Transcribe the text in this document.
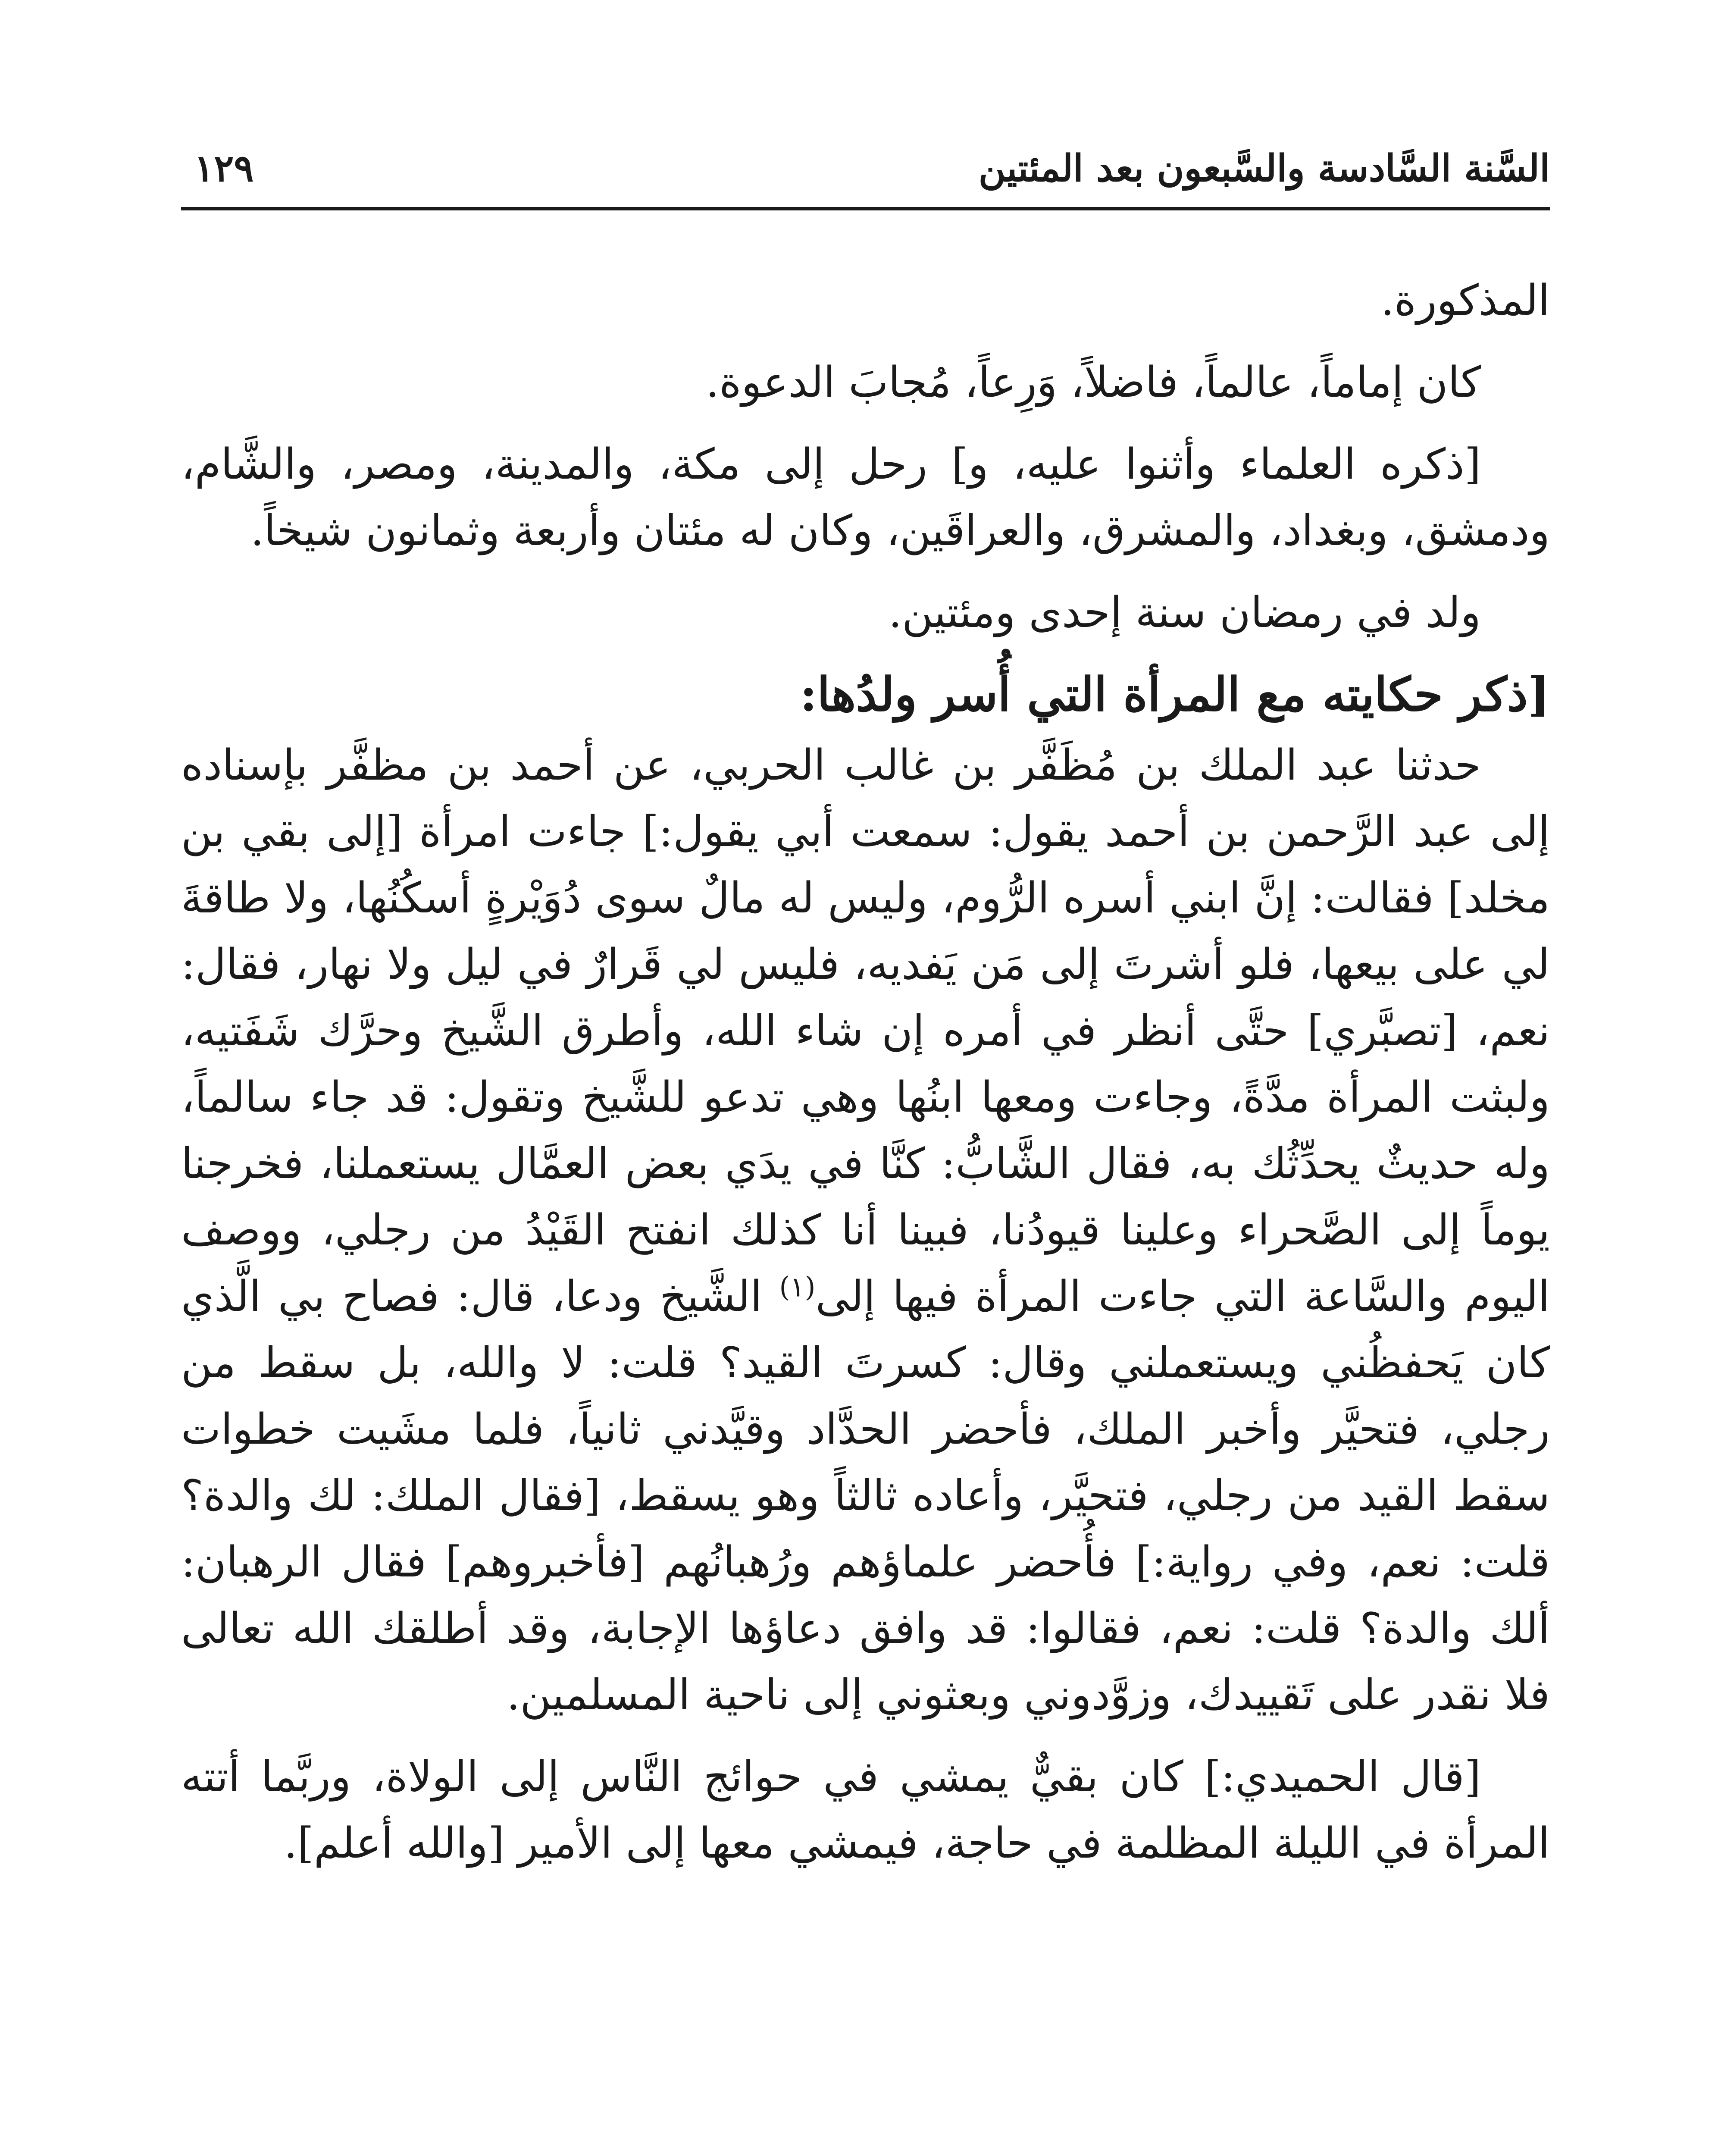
السَّنة السَّادسة والسَّبعون بعد المئتين
١٢٩

المذكورة.

كان إماماً، عالماً، فاضلاً، وَرِعاً، مُجابَ الدعوة.

[ذكره العلماء وأثنوا عليه، و] رحل إلى مكة، والمدينة، ومصر، والشَّام، ودمشق، وبغداد، والمشرق، والعراقَين، وكان له مئتان وأربعة وثمانون شيخاً.

ولد في رمضان سنة إحدى ومئتين.

[ذكر حكايته مع المرأة التي أُسر ولدُها:

حدثنا عبد الملك بن مُظَفَّر بن غالب الحربي، عن أحمد بن مظفَّر بإسناده إلى عبد الرَّحمن بن أحمد يقول: سمعت أبي يقول:] جاءت امرأة [إلى بقي بن مخلد] فقالت: إنَّ ابني أسره الرُّوم، وليس له مالٌ سوى دُوَيْرةٍ أسكُنُها، ولا طاقةَ لي على بيعها، فلو أشرتَ إلى مَن يَفديه، فليس لي قَرارٌ في ليل ولا نهار، فقال: نعم، [تصبَّري] حتَّى أنظر في أمره إن شاء الله، وأطرق الشَّيخ وحرَّك شَفَتيه، ولبثت المرأة مدَّةً، وجاءت ومعها ابنُها وهي تدعو للشَّيخ وتقول: قد جاء سالماً، وله حديثٌ يحدِّثُك به، فقال الشَّابُّ: كنَّا في يدَي بعض العمَّال يستعملنا، فخرجنا يوماً إلى الصَّحراء وعلينا قيودُنا، فبينا أنا كذلك انفتح القَيْدُ من رجلي، ووصف اليوم والسَّاعة التي جاءت المرأة فيها إلى$^{(١)}$ الشَّيخ ودعا، قال: فصاح بي الَّذي كان يَحفظُني ويستعملني وقال: كسرتَ القيد؟ قلت: لا والله، بل سقط من رجلي، فتحيَّر وأخبر الملك، فأحضر الحدَّاد وقيَّدني ثانياً، فلما مشَيت خطوات سقط القيد من رجلي، فتحيَّر، وأعاده ثالثاً وهو يسقط، [فقال الملك: لك والدة؟ قلت: نعم، وفي رواية:] فأُحضر علماؤهم ورُهبانُهم [فأخبروهم] فقال الرهبان: ألك والدة؟ قلت: نعم، فقالوا: قد وافق دعاؤها الإجابة، وقد أطلقك الله تعالى فلا نقدر على تَقييدك، وزوَّدوني وبعثوني إلى ناحية المسلمين.

[قال الحميدي:] كان بقيٌّ يمشي في حوائج النَّاس إلى الولاة، وربَّما أتته المرأة في الليلة المظلمة في حاجة، فيمشي معها إلى الأمير [والله أعلم].
